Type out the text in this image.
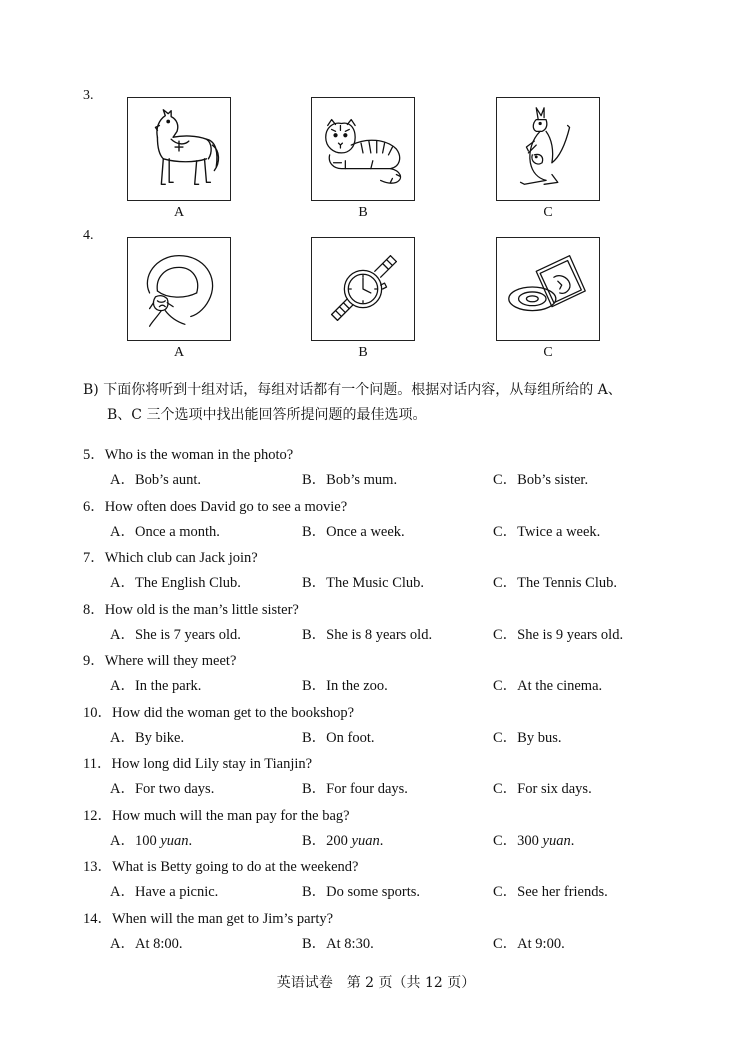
3.
A	B	C
4.
A	B	C
B) 下面你将听到十组对话，每组对话都有一个问题。根据对话内容，从每组所给的 A、
B、C 三个选项中找出能回答所提问题的最佳选项。
5．Who is the woman in the photo?
A．Bob’s aunt.	B．Bob’s mum.	C．Bob’s sister.
6．How often does David go to see a movie?
A．Once a month.	B．Once a week.	C．Twice a week.
7．Which club can Jack join?
A．The English Club.	B．The Music Club.	C．The Tennis Club.
8．How old is the man’s little sister?
A．She is 7 years old.	B．She is 8 years old.	C．She is 9 years old.
9．Where will they meet?
A．In the park.	B．In the zoo.	C．At the cinema.
10．How did the woman get to the bookshop?
A．By bike.	B．On foot.	C．By bus.
11．How long did Lily stay in Tianjin?
A．For two days.	B．For four days.	C．For six days.
12．How much will the man pay for the bag?
A．100 yuan.	B．200 yuan.	C．300 yuan.
13．What is Betty going to do at the weekend?
A．Have a picnic.	B．Do some sports.	C．See her friends.
14．When will the man get to Jim’s party?
A．At 8:00.	B．At 8:30.	C．At 9:00.
英语试卷　第 2 页（共 12 页）
